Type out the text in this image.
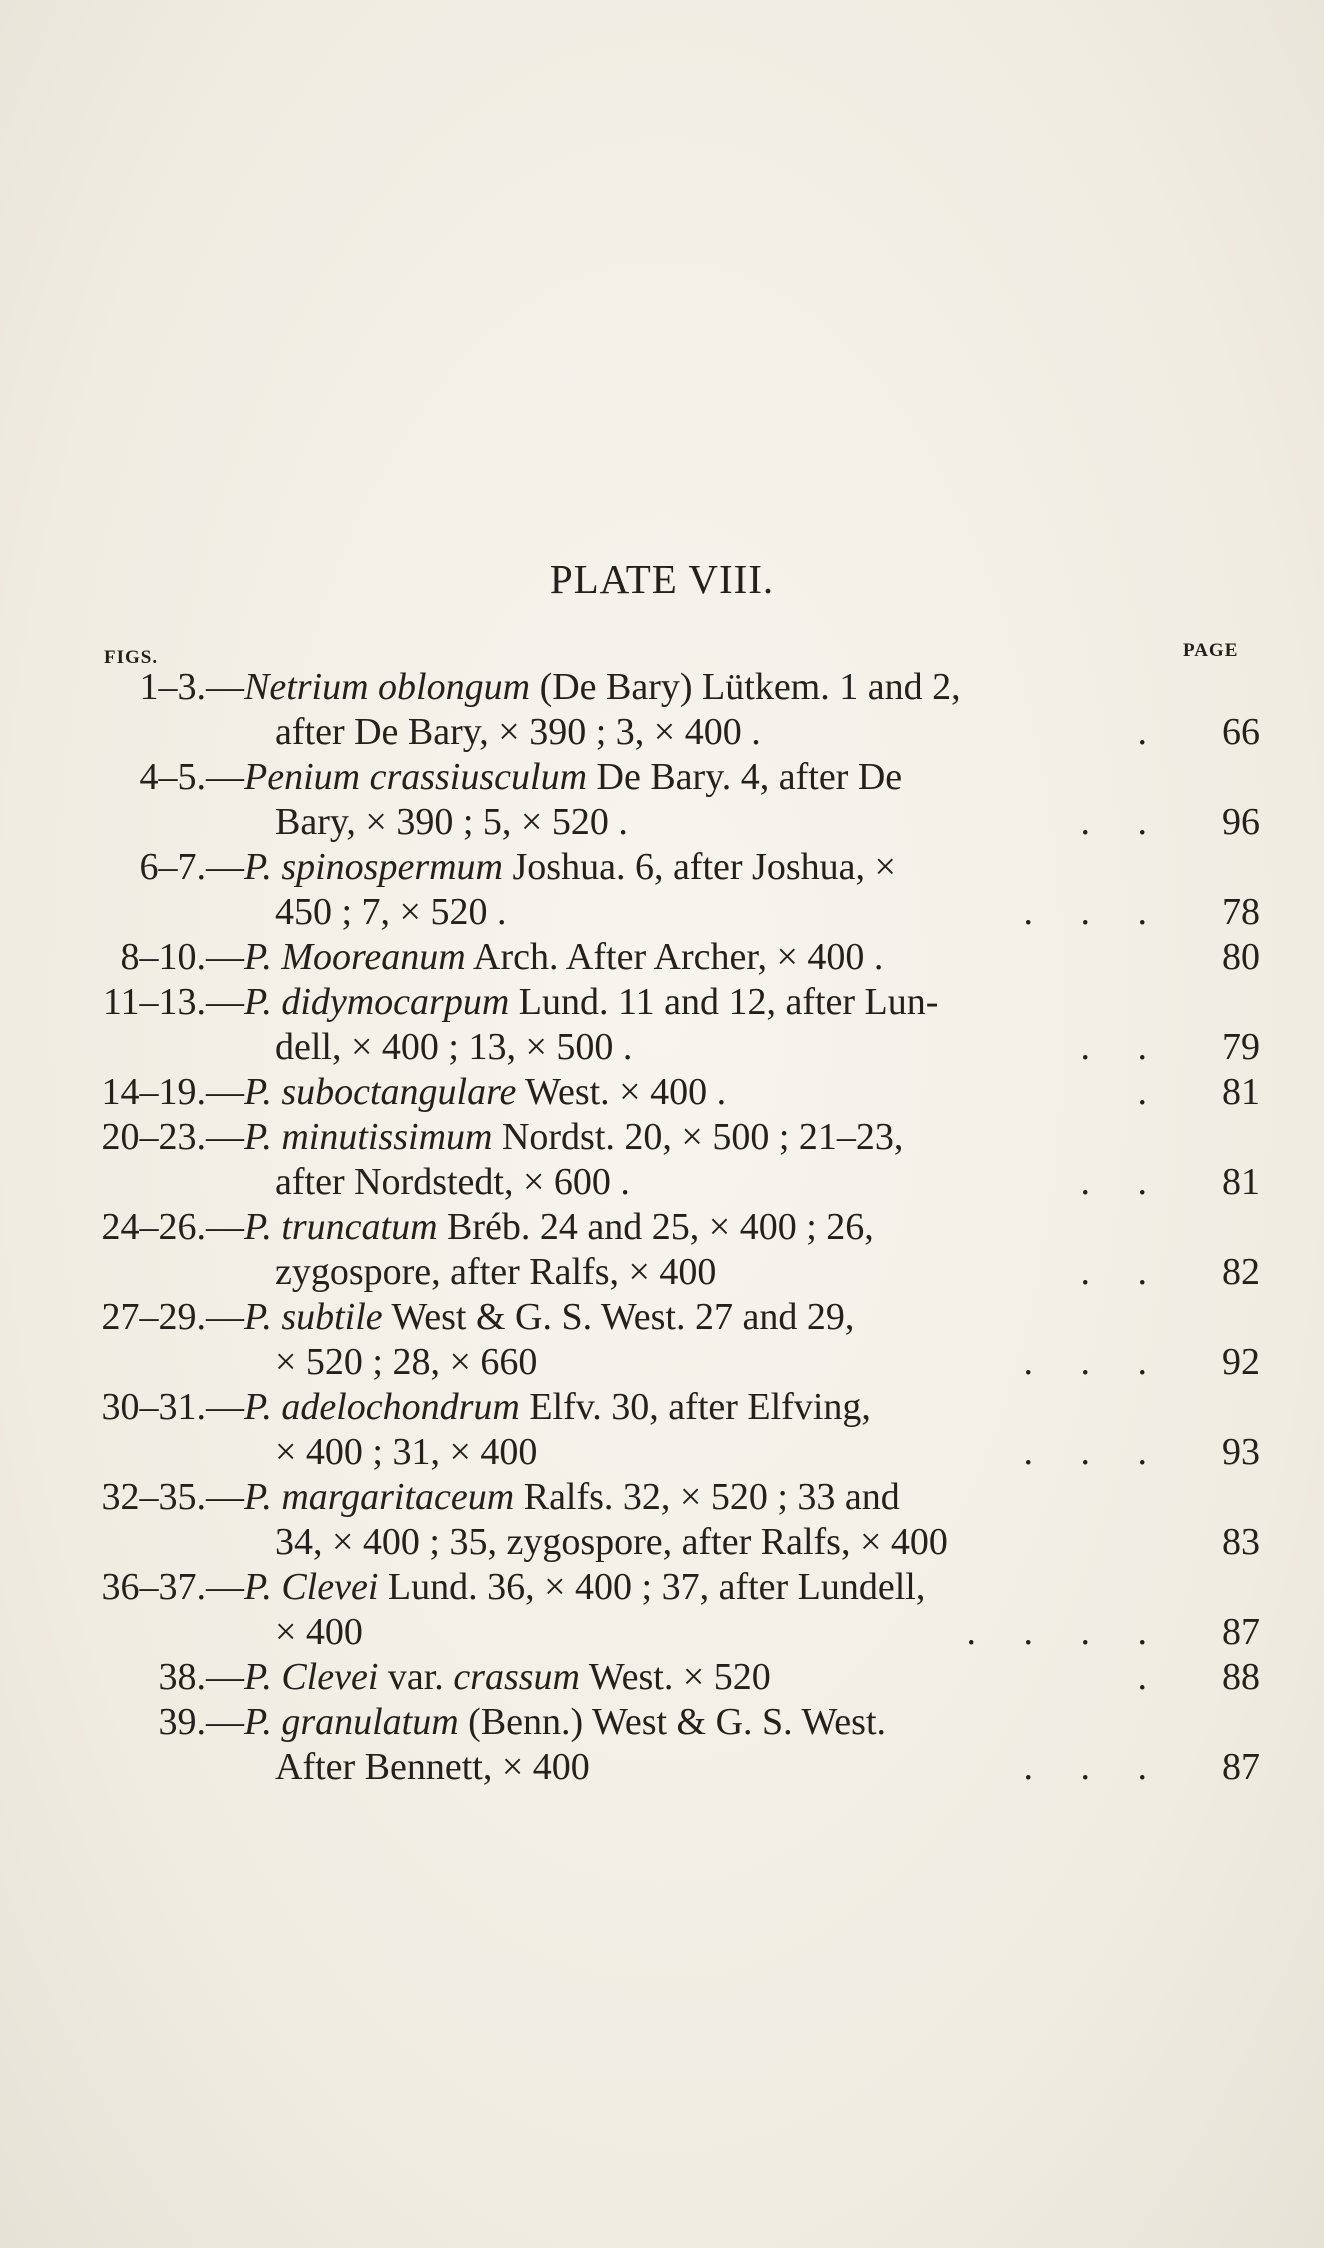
PLATE VIII.
FIGS.	PAGE
1–3.— Netrium oblongum (De Bary) Lütkem. 1 and 2,
after De Bary, × 390 ; 3, × 400 .	.	66
4–5.— Penium crassiusculum De Bary. 4, after De
Bary, × 390 ; 5, × 520 .	.     .	96
6–7.— P. spinospermum Joshua. 6, after Joshua, ×
450 ; 7, × 520 .	.     .     .	78
8–10.— P. Mooreanum Arch. After Archer, × 400 .	80
11–13.— P. didymocarpum Lund. 11 and 12, after Lun-
dell, × 400 ; 13, × 500 .	.     .	79
14–19.— P. suboctangulare West. × 400 .	.	81
20–23.— P. minutissimum Nordst. 20, × 500 ; 21–23,
after Nordstedt, × 600 .	.     .	81
24–26.— P. truncatum Bréb. 24 and 25, × 400 ; 26,
zygospore, after Ralfs, × 400	.     .	82
27–29.— P. subtile West & G. S. West. 27 and 29,
× 520 ; 28, × 660	.     .     .	92
30–31.— P. adelochondrum Elfv. 30, after Elfving,
× 400 ; 31, × 400	.     .     .	93
32–35.— P. margaritaceum Ralfs. 32, × 520 ; 33 and
34, × 400 ; 35, zygospore, after Ralfs, × 400	83
36–37.— P. Clevei Lund. 36, × 400 ; 37, after Lundell,
× 400	.     .     .     .	87
38.— P. Clevei var. crassum West. × 520	.	88
39.— P. granulatum (Benn.) West & G. S. West.
After Bennett, × 400	.     .     .	87
